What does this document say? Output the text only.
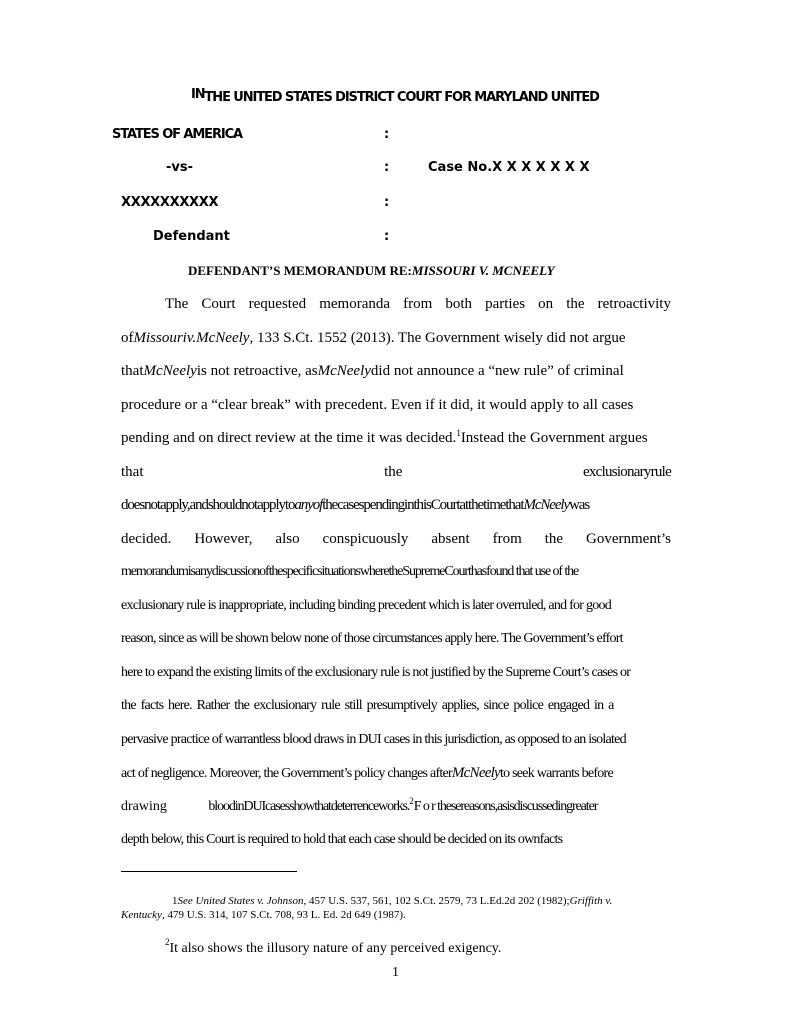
INTHE UNITED STATES DISTRICT COURT FOR MARYLAND UNITED
STATES OF AMERICA	:
-vs-	:	Case No.X X X X X X X
XXXXXXXXXX	:
Defendant	:
DEFENDANT’S MEMORANDUM RE:MISSOURI V. MCNEELY
The Court requested memoranda from both parties on the retroactivity
ofMissouriv.McNeely, 133 S.Ct. 1552 (2013). The Government wisely did not argue
thatMcNeelyis not retroactive, asMcNeelydid not announce a “new rule” of criminal
procedure or a “clear break” with precedent. Even if it did, it would apply to all cases
pending and on direct review at the time it was decided.$^1$Instead the Government argues
that	the	exclusionaryrule
doesnotapply,andshouldnotapplytoanyofthecasespendinginthisCourtatthetimethatMcNeelywas
decided. However, also conspicuously absent from the Government’s
memorandumisanydiscussionofthespecificsituationswheretheSupremeCourthasfound that use of the
exclusionary rule is inappropriate, including binding precedent which is later overruled, and for good
reason, since as will be shown below none of those circumstances apply here. The Government’s effort
here to expand the existing limits of the exclusionary rule is not justified by the Supreme Court’s cases or
the facts here. Rather the exclusionary rule still presumptively applies, since police engaged in a
pervasive practice of warrantless blood draws in DUI cases in this jurisdiction, as opposed to an isolated
act of negligence. Moreover, the Government’s policy changes afterMcNeelyto seek warrants before
drawing	bloodinDUIcasesshowthatdeterrenceworks.$^2$F o r thesereasons,asisdiscussedingreater
depth below, this Court is required to hold that each case should be decided on its ownfacts
1See United States v. Johnson, 457 U.S. 537, 561, 102 S.Ct. 2579, 73 L.Ed.2d 202 (1982);Griffith v.
Kentucky, 479 U.S. 314, 107 S.Ct. 708, 93 L. Ed. 2d 649 (1987).
$^2$It also shows the illusory nature of any perceived exigency.
1
